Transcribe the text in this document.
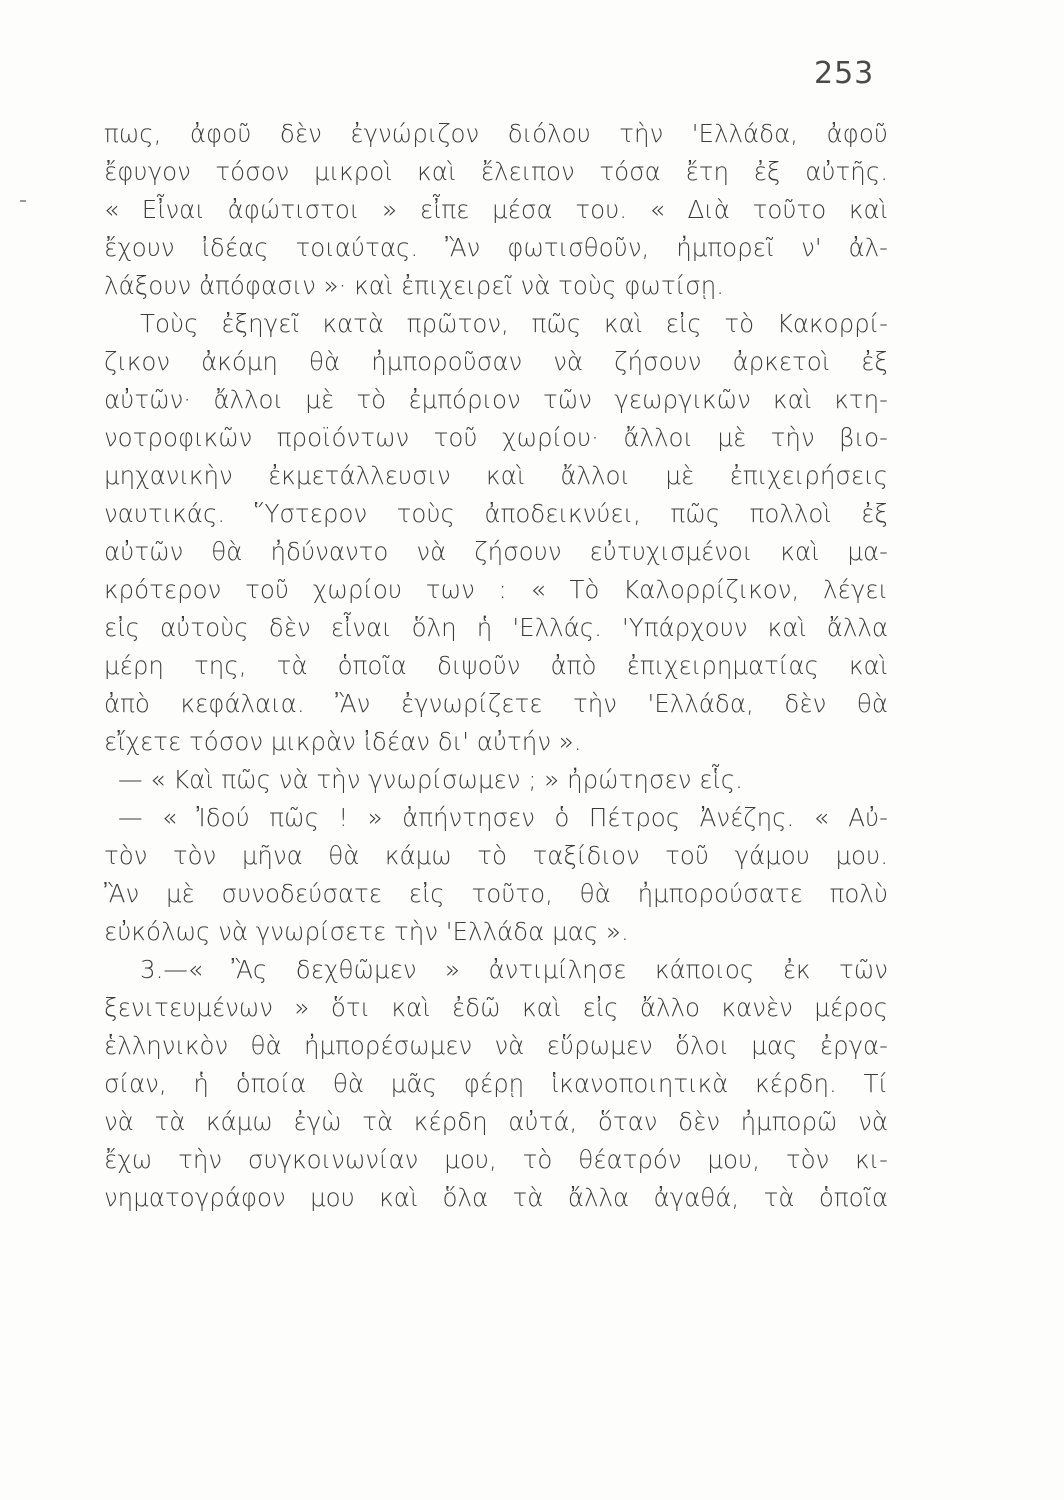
253
πως, ἀφοῦ δὲν ἐγνώριζον διόλου τὴν 'Ελλάδα, ἀφοῦ
ἔφυγον τόσον μικροὶ καὶ ἔλειπον τόσα ἔτη ἐξ αὐτῆς.
« Εἶναι ἀφώτιστοι » εἶπε μέσα του. « Διὰ τοῦτο καὶ
ἔχουν ἰδέας τοιαύτας. Ἂν φωτισθοῦν, ἠμπορεῖ ν' ἀλ-
λάξουν ἀπόφασιν »· καὶ ἐπιχειρεῖ νὰ τοὺς φωτίσῃ.
Τοὺς ἐξηγεῖ κατὰ πρῶτον, πῶς καὶ εἰς τὸ Κακορρί-
ζικον ἀκόμη θὰ ἠμποροῦσαν νὰ ζήσουν ἀρκετοὶ ἐξ
αὐτῶν· ἄλλοι μὲ τὸ ἐμπόριον τῶν γεωργικῶν καὶ κτη-
νοτροφικῶν προϊόντων τοῦ χωρίου· ἄλλοι μὲ τὴν βιο-
μηχανικὴν ἐκμετάλλευσιν καὶ ἄλλοι μὲ ἐπιχειρήσεις
ναυτικάς. Ὕστερον τοὺς ἀποδεικνύει, πῶς πολλοὶ ἐξ
αὐτῶν θὰ ἠδύναντο νὰ ζήσουν εὐτυχισμένοι καὶ μα-
κρότερον τοῦ χωρίου των : « Τὸ Καλορρίζικον, λέγει
εἰς αὐτοὺς δὲν εἶναι ὅλη ἡ 'Ελλάς. 'Υπάρχουν καὶ ἄλλα
μέρη της, τὰ ὁποῖα διψοῦν ἀπὸ ἐπιχειρηματίας καὶ
ἀπὸ κεφάλαια. Ἂν ἐγνωρίζετε τὴν 'Ελλάδα, δὲν θὰ
εἴχετε τόσον μικρὰν ἰδέαν δι' αὐτήν ».
— « Καὶ πῶς νὰ τὴν γνωρίσωμεν ; » ἠρώτησεν εἷς.
— « Ἰδού πῶς ! » ἀπήντησεν ὁ Πέτρος Ἀνέζης. « Αὐ-
τὸν τὸν μῆνα θὰ κάμω τὸ ταξίδιον τοῦ γάμου μου.
Ἂν μὲ συνοδεύσατε εἰς τοῦτο, θὰ ἠμπορούσατε πολὺ
εὐκόλως νὰ γνωρίσετε τὴν 'Ελλάδα μας ».
3.—« Ἂς δεχθῶμεν » ἀντιμίλησε κάποιος ἐκ τῶν
ξενιτευμένων » ὅτι καὶ ἐδῶ καὶ εἰς ἄλλο κανὲν μέρος
ἑλληνικὸν θὰ ἠμπορέσωμεν νὰ εὕρωμεν ὅλοι μας ἐργα-
σίαν, ἡ ὁποία θὰ μᾶς φέρῃ ἱκανοποιητικὰ κέρδη. Τί
νὰ τὰ κάμω ἐγὼ τὰ κέρδη αὐτά, ὅταν δὲν ἠμπορῶ νὰ
ἔχω τὴν συγκοινωνίαν μου, τὸ θέατρόν μου, τὸν κι-
νηματογράφον μου καὶ ὅλα τὰ ἄλλα ἀγαθά, τὰ ὁποῖα
